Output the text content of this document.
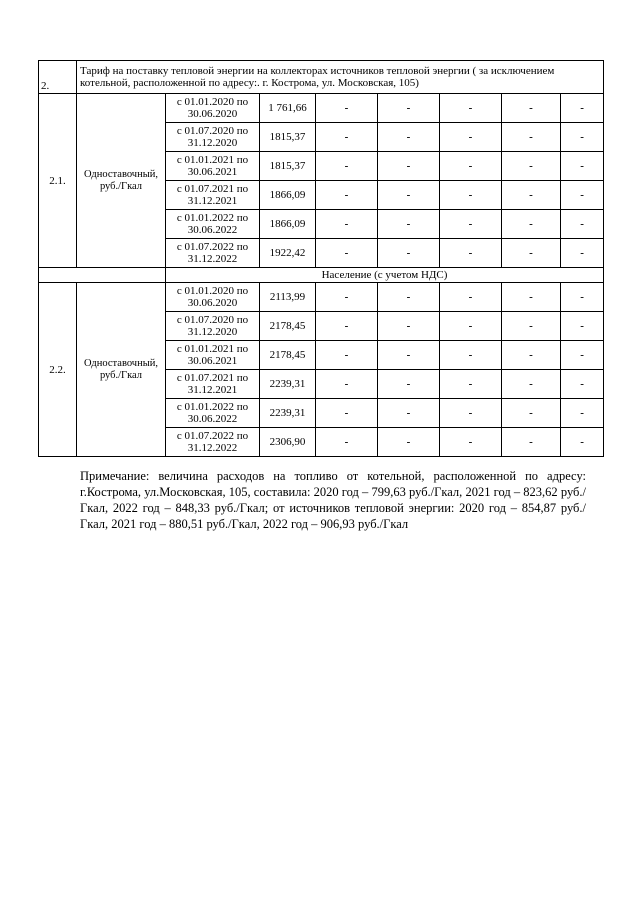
2.	Тариф на поставку тепловой энергии на коллекторах источников тепловой энергии ( за исключением котельной, расположенной по адресу:. г. Кострома, ул. Московская, 105)							
2.1.	Одноставочный, руб./Гкал	с 01.01.2020 по 30.06.2020	1 761,66	-	-	-	-	-
		с 01.07.2020 по 31.12.2020	1815,37	-	-	-	-	-
		с 01.01.2021 по 30.06.2021	1815,37	-	-	-	-	-
		с 01.07.2021 по 31.12.2021	1866,09	-	-	-	-	-
		с 01.01.2022 по 30.06.2022	1866,09	-	-	-	-	-
		с 01.07.2022 по 31.12.2022	1922,42	-	-	-	-	-
		Население (с учетом НДС)						
2.2.	Одноставочный, руб./Гкал	с 01.01.2020 по 30.06.2020	2113,99	-	-	-	-	-
		с 01.07.2020 по 31.12.2020	2178,45	-	-	-	-	-
		с 01.01.2021 по 30.06.2021	2178,45	-	-	-	-	-
		с 01.07.2021 по 31.12.2021	2239,31	-	-	-	-	-
		с 01.01.2022 по 30.06.2022	2239,31	-	-	-	-	-
		с 01.07.2022 по 31.12.2022	2306,90	-	-	-	-	-
Примечание: величина расходов на топливо от котельной, расположенной по адресу: г.Кострома, ул.Московская, 105, составила: 2020 год – 799,63 руб./Гкал, 2021 год – 823,62 руб./Гкал, 2022 год – 848,33 руб./Гкал; от источников тепловой энергии: 2020 год – 854,87 руб./Гкал, 2021 год – 880,51 руб./Гкал, 2022 год – 906,93 руб./Гкал
